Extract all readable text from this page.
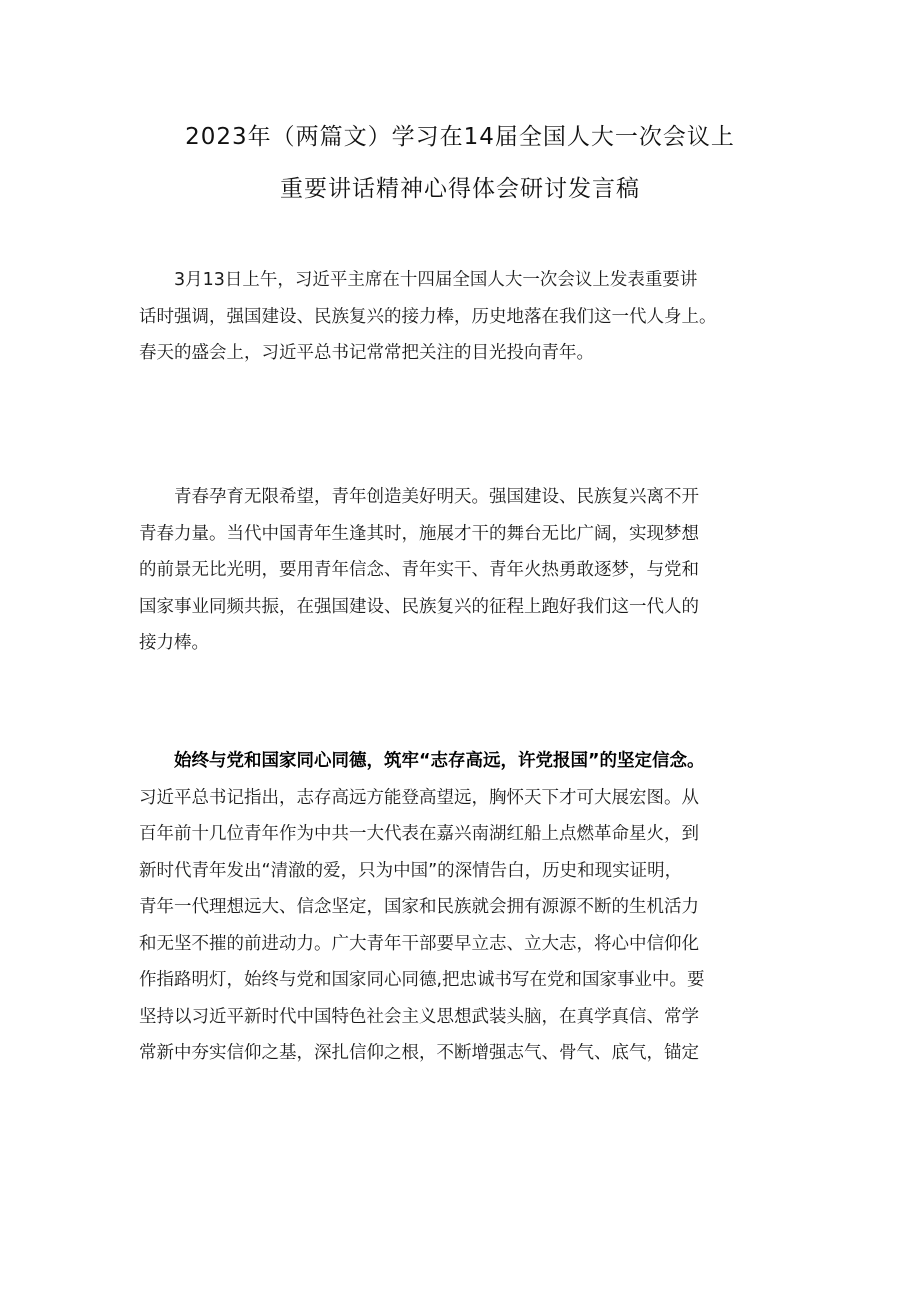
2023年（两篇文）学习在14届全国人大一次会议上
重要讲话精神心得体会研讨发言稿
3月13日上午，习近平主席在十四届全国人大一次会议上发表重要讲
话时强调，强国建设、民族复兴的接力棒，历史地落在我们这一代人身上。
春天的盛会上，习近平总书记常常把关注的目光投向青年。
青春孕育无限希望，青年创造美好明天。强国建设、民族复兴离不开
青春力量。当代中国青年生逢其时，施展才干的舞台无比广阔，实现梦想
的前景无比光明，要用青年信念、青年实干、青年火热勇敢逐梦，与党和
国家事业同频共振，在强国建设、民族复兴的征程上跑好我们这一代人的
接力棒。
始终与党和国家同心同德，筑牢“志存高远，许党报国”的坚定信念。
习近平总书记指出，志存高远方能登高望远，胸怀天下才可大展宏图。从
百年前十几位青年作为中共一大代表在嘉兴南湖红船上点燃革命星火，到
新时代青年发出“清澈的爱，只为中国”的深情告白，历史和现实证明，
青年一代理想远大、信念坚定，国家和民族就会拥有源源不断的生机活力
和无坚不摧的前进动力。广大青年干部要早立志、立大志，将心中信仰化
作指路明灯，始终与党和国家同心同德,把忠诚书写在党和国家事业中。要
坚持以习近平新时代中国特色社会主义思想武装头脑，在真学真信、常学
常新中夯实信仰之基，深扎信仰之根，不断增强志气、骨气、底气，锚定
